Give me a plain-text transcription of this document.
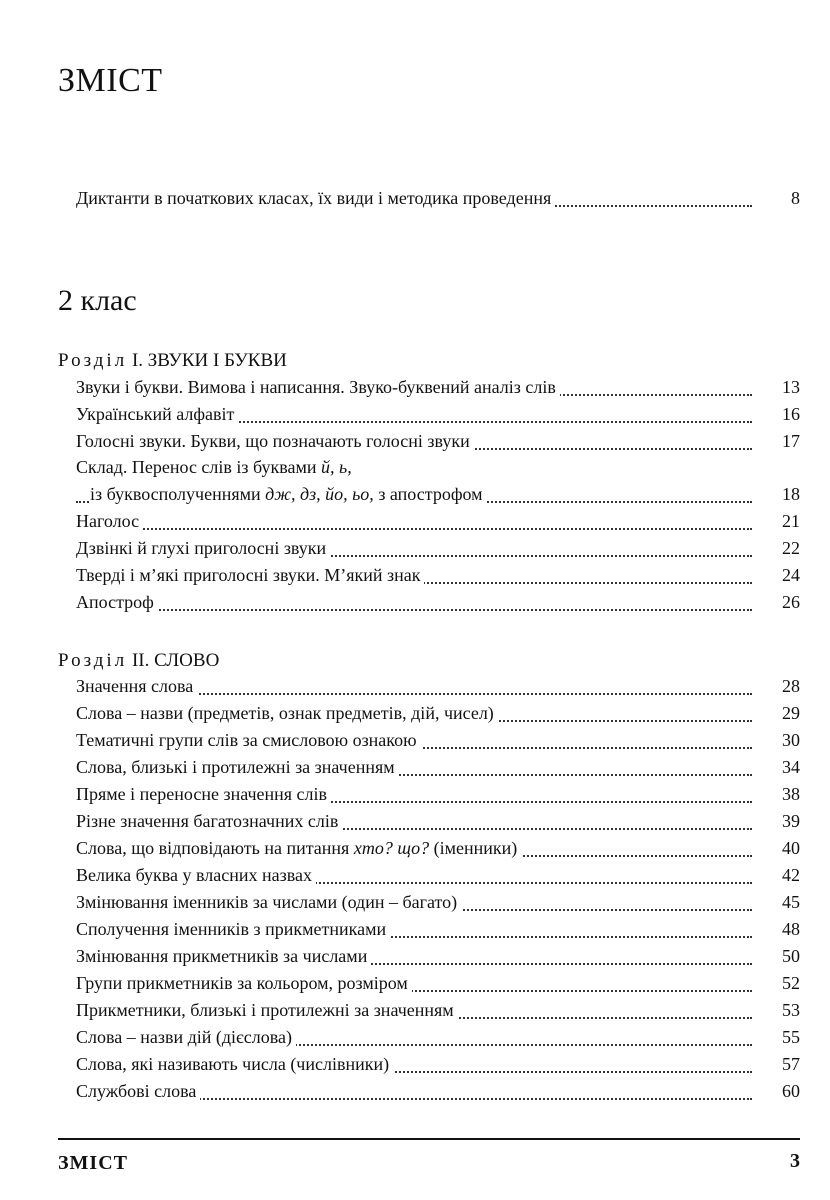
ЗМІСТ
Диктанти в початкових класах, їх види і методика проведення	8
2 клас
Розділ І. ЗВУКИ І БУКВИ
Звуки і букви. Вимова і написання. Звуко-буквений аналіз слів	13
Український алфавіт	16
Голосні звуки. Букви, що позначають голосні звуки	17
Склад. Перенос слів із буквами й, ь,
із буквосполученнями дж, дз, йо, ьо, з апострофом	18
Наголос	21
Дзвінкі й глухі приголосні звуки	22
Тверді і м’які приголосні звуки. М’який знак	24
Апостроф	26
Розділ ІІ. СЛОВО
Значення слова	28
Слова – назви (предметів, ознак предметів, дій, чисел)	29
Тематичні групи слів за смисловою ознакою	30
Слова, близькі і протилежні за значенням	34
Пряме і переносне значення слів	38
Різне значення багатозначних слів	39
Слова, що відповідають на питання хто? що? (іменники)	40
Велика буква у власних назвах	42
Змінювання іменників за числами (один – багато)	45
Сполучення іменників з прикметниками	48
Змінювання прикметників за числами	50
Групи прикметників за кольором, розміром	52
Прикметники, близькі і протилежні за значенням	53
Слова – назви дій (дієслова)	55
Слова, які називають числа (числівники)	57
Службові слова	60
ЗМІСТ	3
